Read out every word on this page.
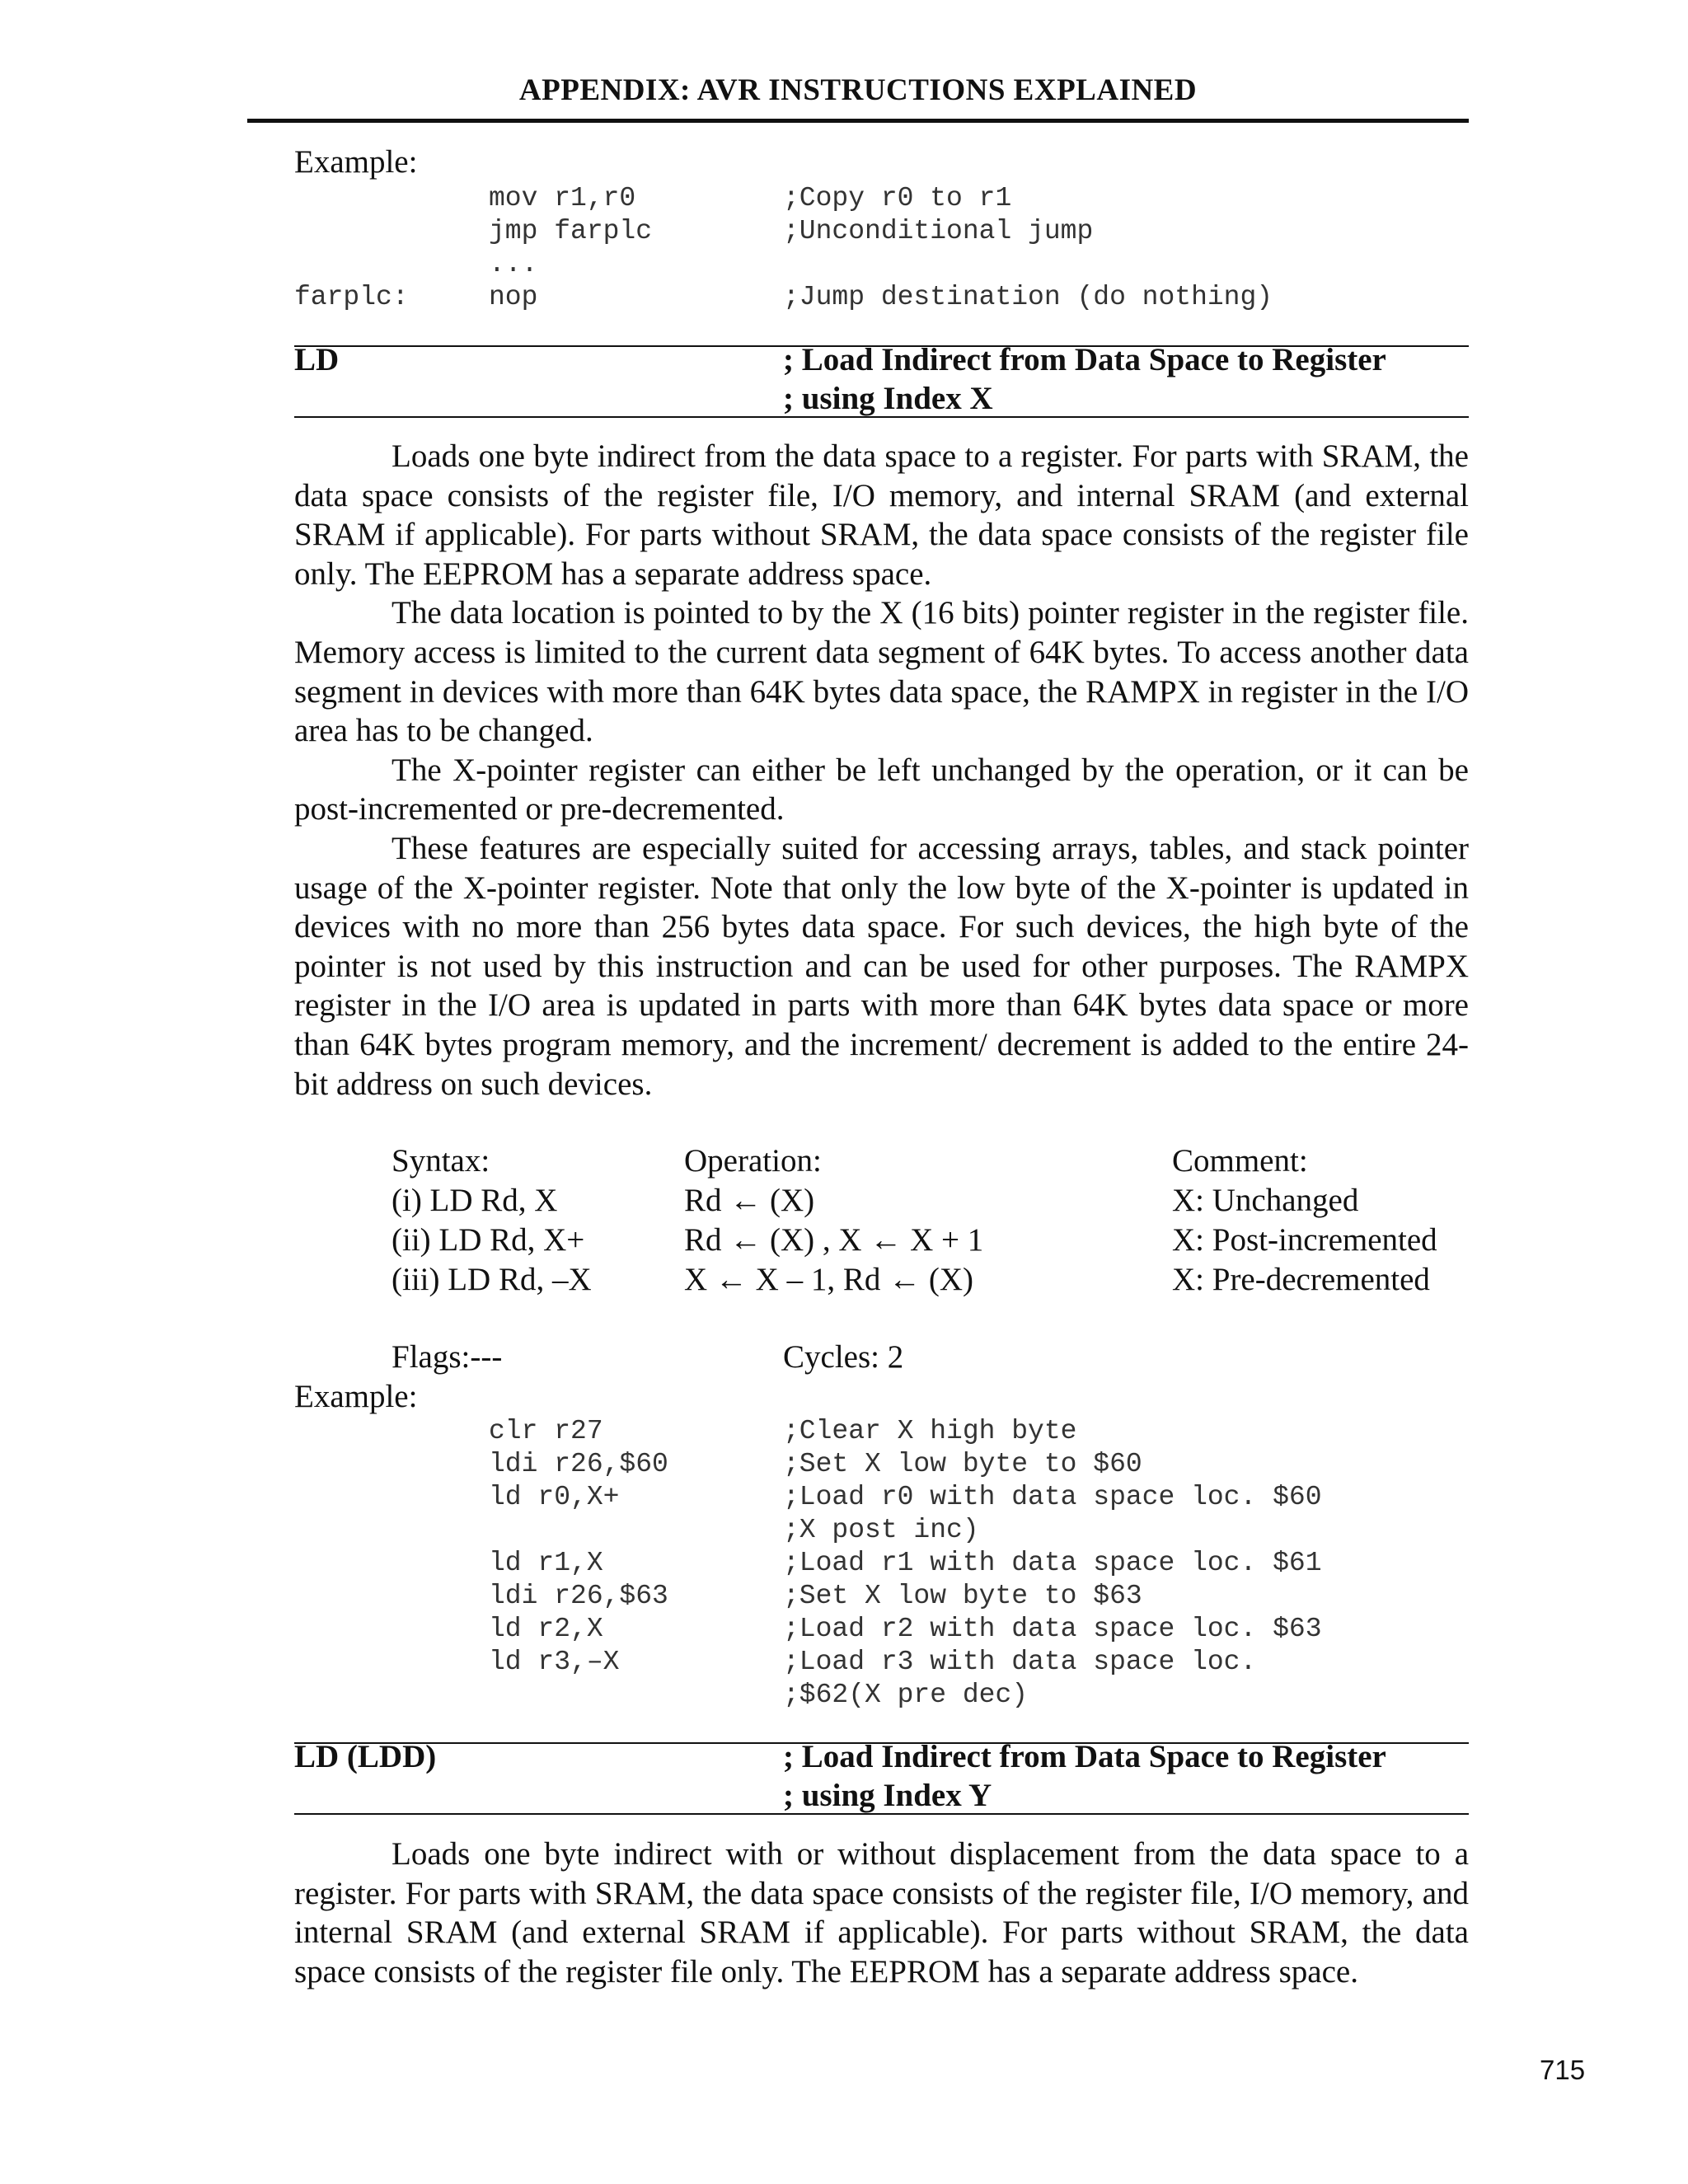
APPENDIX: AVR INSTRUCTIONS EXPLAINED
Example:
mov r1,r0	;Copy r0 to r1
jmp farplc	;Unconditional jump
...
farplc:	nop	;Jump destination (do nothing)
LD	; Load Indirect from Data Space to Register
; using Index X

Loads one byte indirect from the data space to a register. For parts with SRAM, the data space consists of the register file, I/O memory, and internal SRAM (and external SRAM if applicable). For parts without SRAM, the data space consists of the register file only. The EEPROM has a separate address space.

The data location is pointed to by the X (16 bits) pointer register in the register file. Memory access is limited to the current data segment of 64K bytes. To access another data segment in devices with more than 64K bytes data space, the RAMPX in register in the I/O area has to be changed.

The X-pointer register can either be left unchanged by the operation, or it can be post-incremented or pre-decremented.

These features are especially suited for accessing arrays, tables, and stack pointer usage of the X-pointer register. Note that only the low byte of the X-pointer is updated in devices with no more than 256 bytes data space. For such devices, the high byte of the pointer is not used by this instruction and can be used for other purposes. The RAMPX register in the I/O area is updated in parts with more than 64K bytes data space or more than 64K bytes program memory, and the increment/ decrement is added to the entire 24-bit address on such devices.

Syntax:	Operation:	Comment:
(i) LD Rd, X	Rd ← (X)	X: Unchanged
(ii) LD Rd, X+	Rd ← (X) , X ← X + 1	X: Post-incremented
(iii) LD Rd, –X	X ← X – 1, Rd ← (X)	X: Pre-decremented
Flags:---	Cycles: 2
Example:
clr r27	;Clear X high byte
ldi r26,$60	;Set X low byte to $60
ld r0,X+	;Load r0 with data space loc. $60
;X post inc)
ld r1,X	;Load r1 with data space loc. $61
ldi r26,$63	;Set X low byte to $63
ld r2,X	;Load r2 with data space loc. $63
ld r3,–X	;Load r3 with data space loc.
;$62(X pre dec)
LD (LDD)	; Load Indirect from Data Space to Register
; using Index Y

Loads one byte indirect with or without displacement from the data space to a register. For parts with SRAM, the data space consists of the register file, I/O memory, and internal SRAM (and external SRAM if applicable). For parts without SRAM, the data space consists of the register file only. The EEPROM has a separate address space.

715
